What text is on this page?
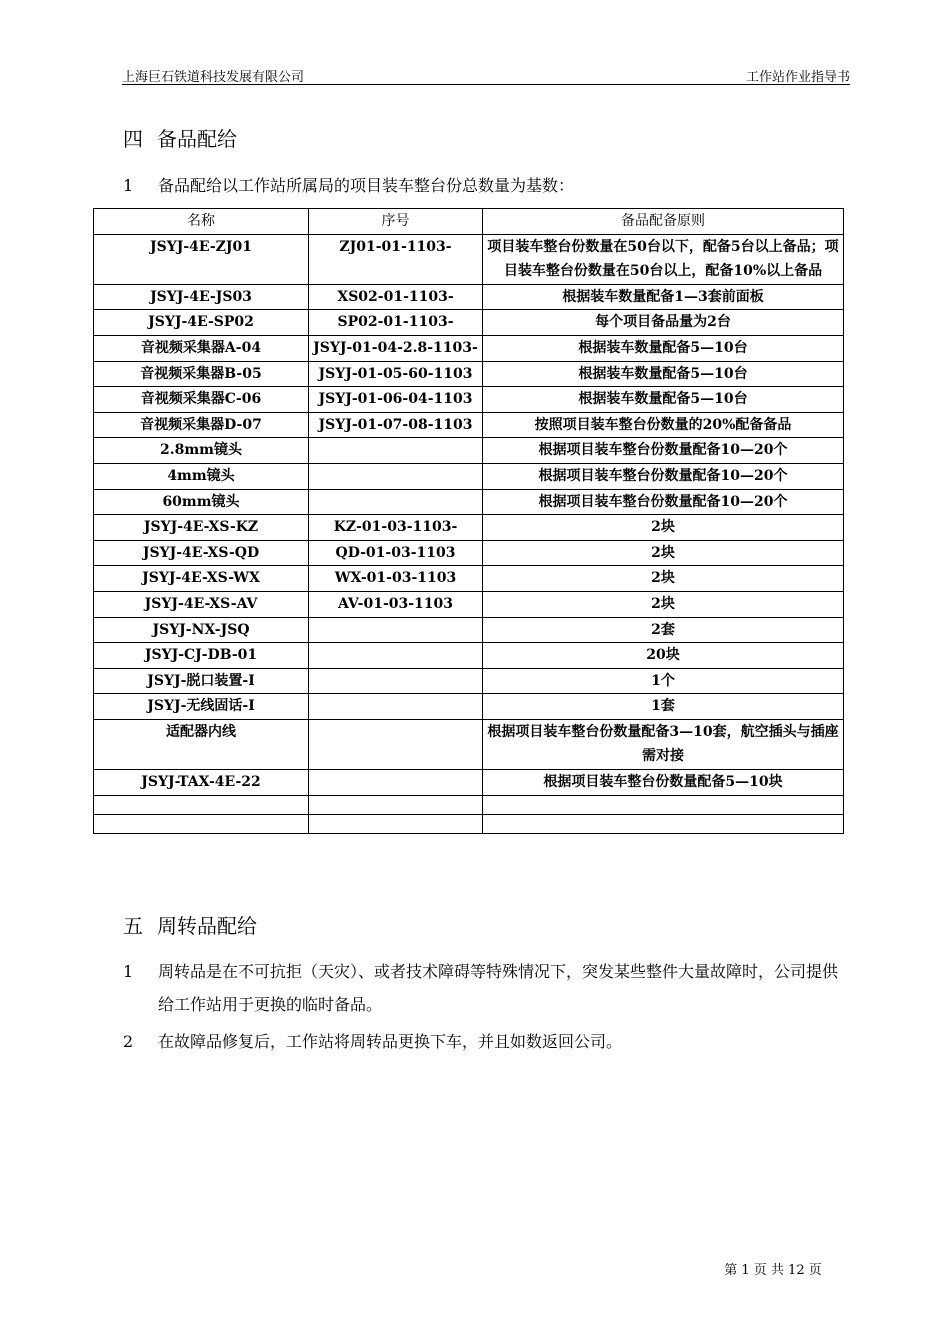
上海巨石铁道科技发展有限公司	工作站作业指导书
四 备品配给
1 备品配给以工作站所属局的项目装车整台份总数量为基数：
名称	序号	备品配备原则
JSYJ-4E-ZJ01	ZJ01-01-1103-	项目装车整台份数量在50台以下，配备5台以上备品；项目装车整台份数量在50台以上，配备10%以上备品
JSYJ-4E-JS03	XS02-01-1103-	根据装车数量配备1—3套前面板
JSYJ-4E-SP02	SP02-01-1103-	每个项目备品量为2台
音视频采集器A-04	JSYJ-01-04-2.8-1103-	根据装车数量配备5—10台
音视频采集器B-05	JSYJ-01-05-60-1103	根据装车数量配备5—10台
音视频采集器C-06	JSYJ-01-06-04-1103	根据装车数量配备5—10台
音视频采集器D-07	JSYJ-01-07-08-1103	按照项目装车整台份数量的20%配备备品
2.8mm镜头		根据项目装车整台份数量配备10—20个
4mm镜头		根据项目装车整台份数量配备10—20个
60mm镜头		根据项目装车整台份数量配备10—20个
JSYJ-4E-XS-KZ	KZ-01-03-1103-	2块
JSYJ-4E-XS-QD	QD-01-03-1103	2块
JSYJ-4E-XS-WX	WX-01-03-1103	2块
JSYJ-4E-XS-AV	AV-01-03-1103	2块
JSYJ-NX-JSQ		2套
JSYJ-CJ-DB-01		20块
JSYJ-脱口装置-Ⅰ		1个
JSYJ-无线固话-Ⅰ		1套
适配器内线		根据项目装车整台份数量配备3—10套，航空插头与插座需对接
JSYJ-TAX-4E-22		根据项目装车整台份数量配备5—10块

五 周转品配给
1 周转品是在不可抗拒（天灾）、或者技术障碍等特殊情况下，突发某些整件大量故障时，公司提供给工作站用于更换的临时备品。
2 在故障品修复后，工作站将周转品更换下车，并且如数返回公司。
第 1 页 共 12 页
